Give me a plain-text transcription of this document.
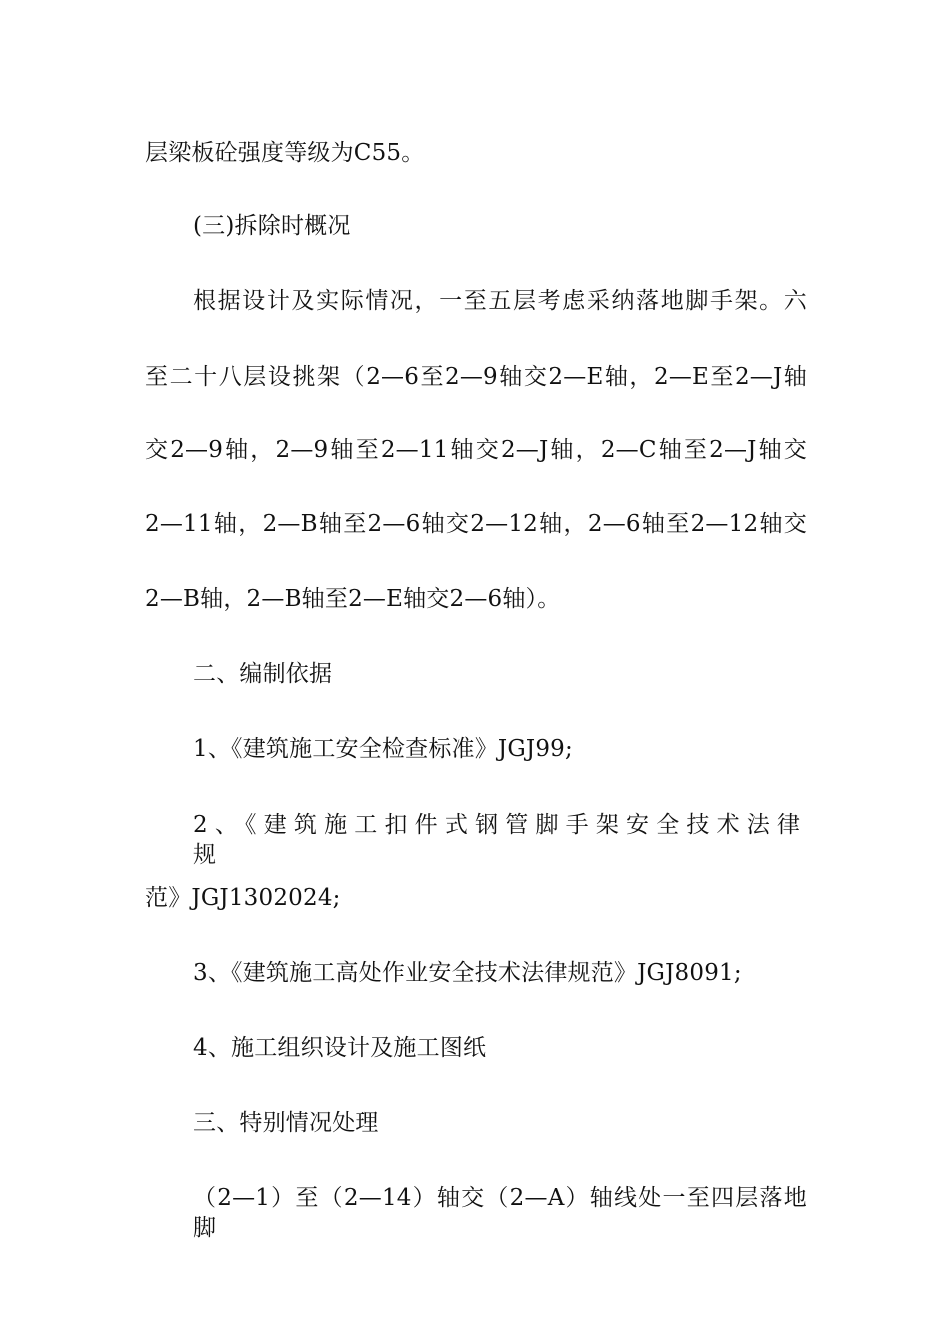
层梁板砼强度等级为C55。
(三)拆除时概况
根据设计及实际情况，一至五层考虑采纳落地脚手架。六
至二十八层设挑架（2—6至2—9轴交2—E轴，2—E至2—J轴
交2—9轴，2—9轴至2—11轴交2—J轴，2—C轴至2—J轴交
2—11轴，2—B轴至2—6轴交2—12轴，2—6轴至2—12轴交
2—B轴，2—B轴至2—E轴交2—6轴）。
二、编制依据
1、《建筑施工安全检查标准》JGJ99;
2、《建筑施工扣件式钢管脚手架安全技术法律规
范》JGJ1302024;
3、《建筑施工高处作业安全技术法律规范》JGJ8091;
4、施工组织设计及施工图纸
三、特别情况处理
（2—1）至（2—14）轴交（2—A）轴线处一至四层落地脚
